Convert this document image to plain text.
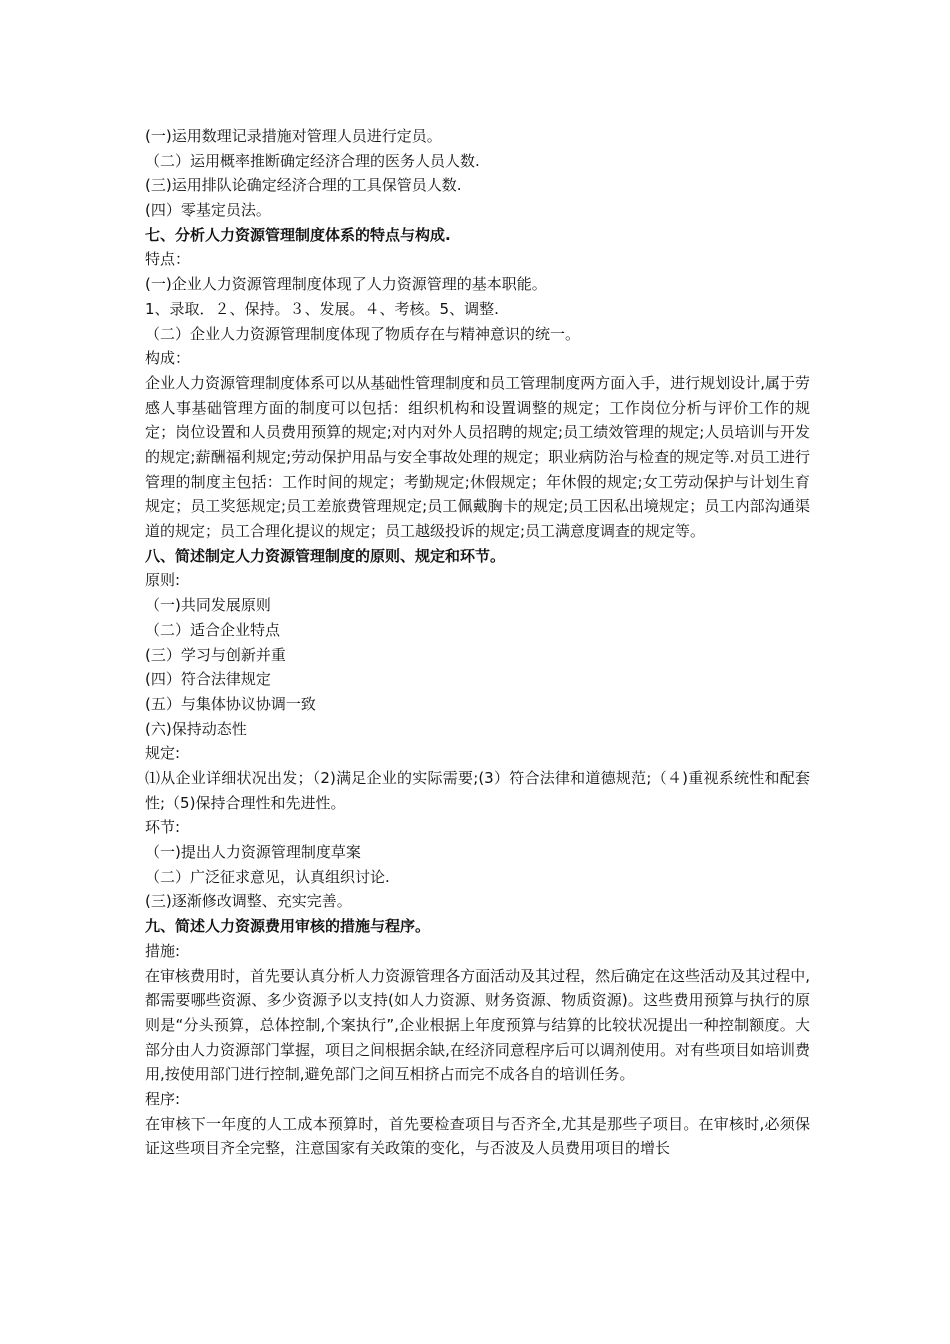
(一)运用数理记录措施对管理人员进行定员。
（二）运用概率推断确定经济合理的医务人员人数.
(三)运用排队论确定经济合理的工具保管员人数.
(四）零基定员法。
七、分析人力资源管理制度体系的特点与构成.
特点：
(一)企业人力资源管理制度体现了人力资源管理的基本职能。
1、录取．２、保持。３、发展。４、考核。5、调整.
（二）企业人力资源管理制度体现了物质存在与精神意识的统一。
构成：
企业人力资源管理制度体系可以从基础性管理制度和员工管理制度两方面入手，进行规划设计,属于劳感人事基础管理方面的制度可以包括：组织机构和设置调整的规定；工作岗位分析与评价工作的规定；岗位设置和人员费用预算的规定;对内对外人员招聘的规定;员工绩效管理的规定;人员培训与开发的规定;薪酬福利规定;劳动保护用品与安全事故处理的规定；职业病防治与检查的规定等.对员工进行管理的制度主包括：工作时间的规定；考勤规定;休假规定；年休假的规定;女工劳动保护与计划生育规定；员工奖惩规定;员工差旅费管理规定;员工佩戴胸卡的规定;员工因私出境规定；员工内部沟通渠道的规定；员工合理化提议的规定；员工越级投诉的规定;员工满意度调查的规定等。
八、简述制定人力资源管理制度的原则、规定和环节。
原则:
（一)共同发展原则
（二）适合企业特点
(三）学习与创新并重
(四）符合法律规定
(五）与集体协议协调一致
(六)保持动态性
规定:
⑴从企业详细状况出发；（2)满足企业的实际需要;(3）符合法律和道德规范;（４)重视系统性和配套性;（5)保持合理性和先进性。
环节:
（一)提出人力资源管理制度草案
（二）广泛征求意见，认真组织讨论.
(三)逐渐修改调整、充实完善。
九、简述人力资源费用审核的措施与程序。
措施:
在审核费用时，首先要认真分析人力资源管理各方面活动及其过程，然后确定在这些活动及其过程中,都需要哪些资源、多少资源予以支持(如人力资源、财务资源、物质资源)。这些费用预算与执行的原则是“分头预算，总体控制,个案执行”,企业根据上年度预算与结算的比较状况提出一种控制额度。大部分由人力资源部门掌握，项目之间根据余缺,在经济同意程序后可以调剂使用。对有些项目如培训费用,按使用部门进行控制,避免部门之间互相挤占而完不成各自的培训任务。
程序:
在审核下一年度的人工成本预算时，首先要检查项目与否齐全,尤其是那些子项目。在审核时,必须保证这些项目齐全完整，注意国家有关政策的变化，与否波及人员费用项目的增长
